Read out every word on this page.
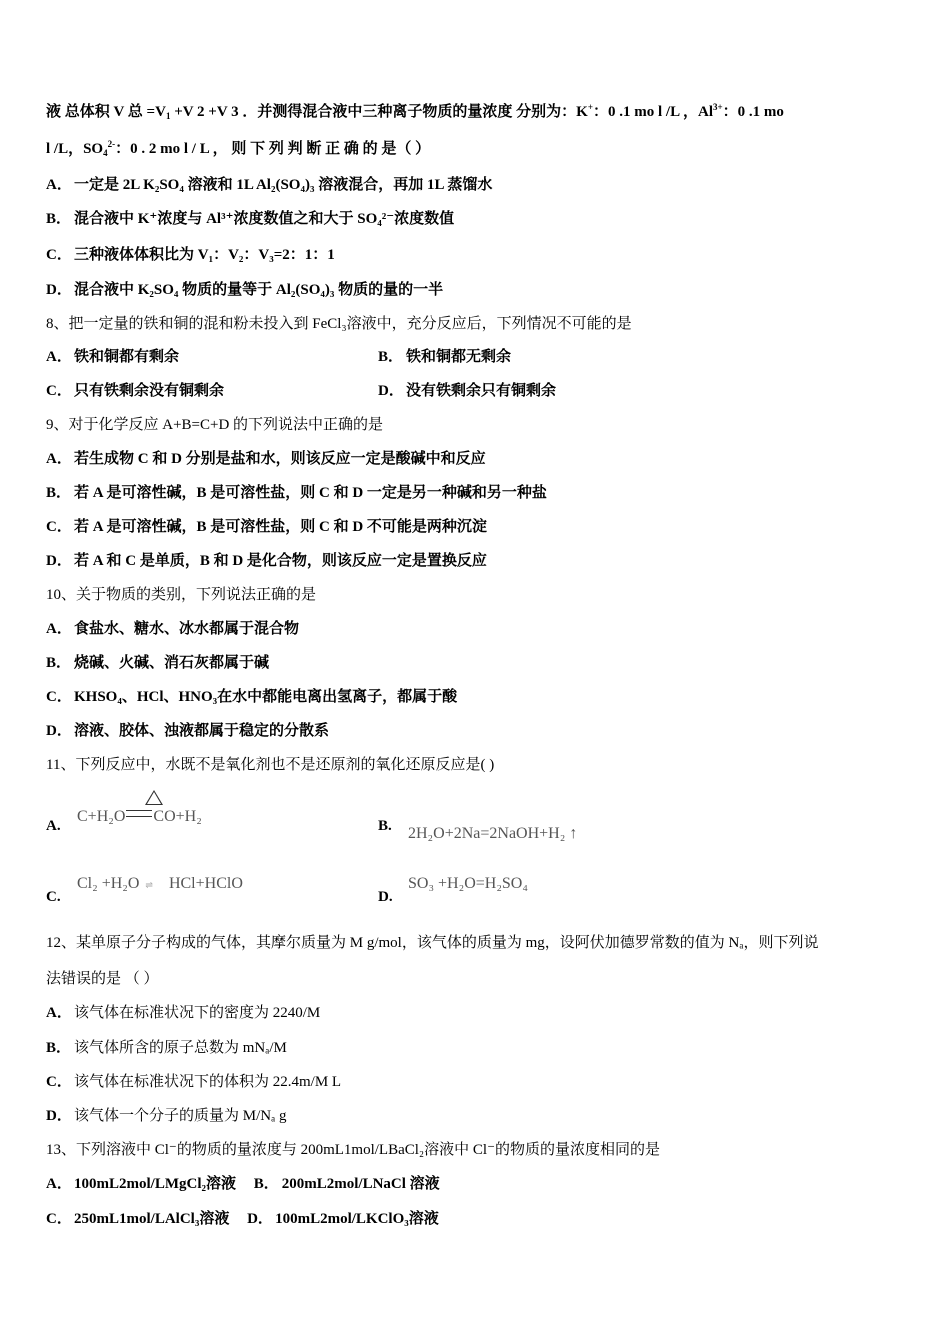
液 总体积 V 总 $=V_1 +V$ 2 +V 3 ．并测得混合液中三种离子物质的量浓度 分别为：K+：0 .1 mo l /L ，$Al^{3+}$：0 .1 mo
l /L，$SO_4^{2-}$：0 . 2 mo l / L ， 则 下 列 判 断 正 确 的 是（ ）
A． 一定是 2L K₂SO₄ 溶液和 1L Al₂(SO₄)₃ 溶液混合，再加 1L 蒸馏水
B． 混合液中 K⁺浓度与 Al³⁺浓度数值之和大于 SO₄²⁻浓度数值
C． 三种液体体积比为 V₁：V₂：V₃=2：1：1
D． 混合液中 K₂SO₄ 物质的量等于 Al₂(SO₄)₃ 物质的量的一半
8、把一定量的铁和铜的混和粉未投入到 FeCl₃溶液中，充分反应后，下列情况不可能的是
A． 铁和铜都有剩余	B． 铁和铜都无剩余
C． 只有铁剩余没有铜剩余	D． 没有铁剩余只有铜剩余
9、对于化学反应 A+B=C+D 的下列说法中正确的是
A． 若生成物 C 和 D 分别是盐和水，则该反应一定是酸碱中和反应
B． 若 A 是可溶性碱，B 是可溶性盐，则 C 和 D 一定是另一种碱和另一种盐
C． 若 A 是可溶性碱，B 是可溶性盐，则 C 和 D 不可能是两种沉淀
D． 若 A 和 C 是单质，B 和 D 是化合物，则该反应一定是置换反应
10、关于物质的类别，下列说法正确的是
A． 食盐水、糖水、冰水都属于混合物
B． 烧碱、火碱、消石灰都属于碱
C． KHSO₄、HCl、HNO₃在水中都能电离出氢离子，都属于酸
D． 溶液、胶体、浊液都属于稳定的分散系
11、下列反应中，水既不是氧化剂也不是还原剂的氧化还原反应是( )
A.
C+H₂O CO+H₂
B. 2H₂O+2Na=2NaOH+H₂ ↑
C.
Cl₂ +H₂O ⇌ HCl+HClO
D.
SO₃ +H₂O=H₂SO₄
12、某单原子分子构成的气体，其摩尔质量为 M g/mol，该气体的质量为 mg，设阿伏加德罗常数的值为 Nₐ，则下列说
法错误的是 （ ）
A． 该气体在标准状况下的密度为 2240/M
B． 该气体所含的原子总数为 mNₐ/M
C． 该气体在标准状况下的体积为 22.4m/M L
D． 该气体一个分子的质量为 M/Nₐ g
13、下列溶液中 Cl⁻的物质的量浓度与 200mL1mol/LBaCl₂溶液中 Cl⁻的物质的量浓度相同的是
A． 100mL2mol/LMgCl₂溶液 B． 200mL2mol/LNaCl 溶液
C． 250mL1mol/LAlCl₃溶液 D． 100mL2mol/LKClO₃溶液
